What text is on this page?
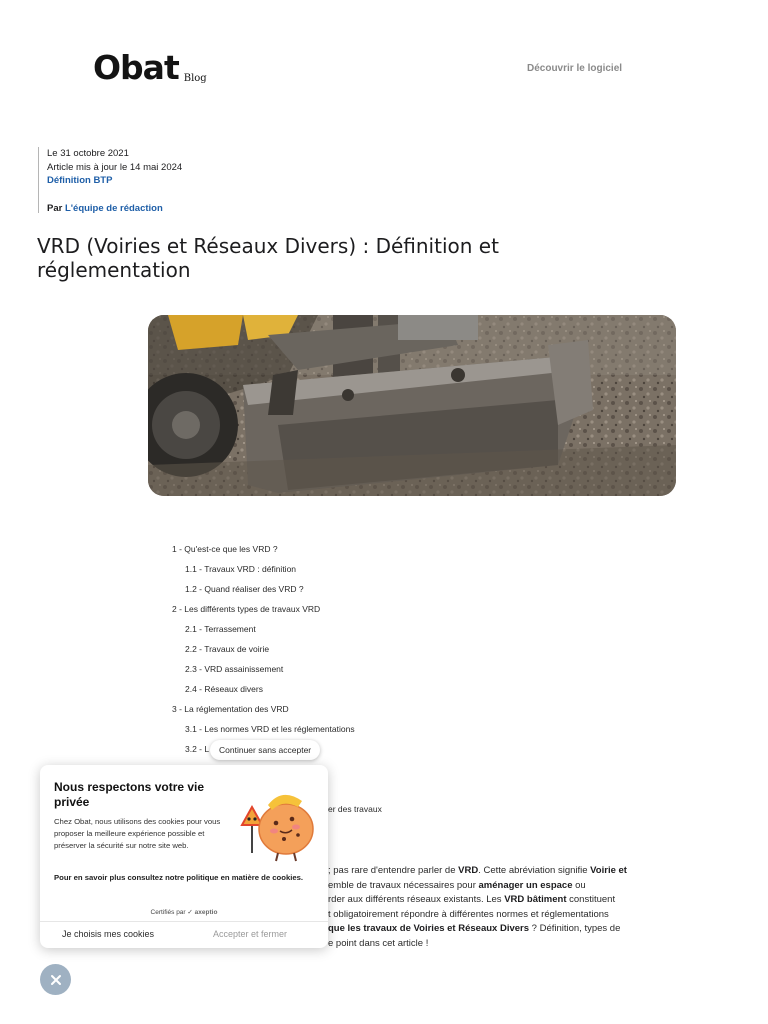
Obat Blog
Découvrir le logiciel
Le 31 octobre 2021
Article mis à jour le 14 mai 2024
Définition BTP
Par L'équipe de rédaction
VRD (Voiries et Réseaux Divers) : Définition et réglementation
1 - Qu'est-ce que les VRD ?
1.1 - Travaux VRD : définition
1.2 - Quand réaliser des VRD ?
2 - Les différents types de travaux VRD
2.1 - Terrassement
2.2 - Travaux de voirie
2.3 - VRD assainissement
2.4 - Réseaux divers
3 - La réglementation des VRD
3.1 - Les normes VRD et les réglementations
3.2 - L
er des travaux
; pas rare d'entendre parler de VRD. Cette abréviation signifie Voirie et
emble de travaux nécessaires pour aménager un espace ou
rder aux différents réseaux existants. Les VRD bâtiment constituent
t obligatoirement répondre à différentes normes et réglementations
que les travaux de Voiries et Réseaux Divers ? Définition, types de
e point dans cet article !
Continuer sans accepter
Nous respectons votre vie privée
Chez Obat, nous utilisons des cookies pour vous proposer la meilleure expérience possible et préserver la sécurité sur notre site web.
Pour en savoir plus consultez notre politique en matière de cookies.
Certifiés par ✓ axeptio
Je choisis mes cookies	Accepter et fermer
